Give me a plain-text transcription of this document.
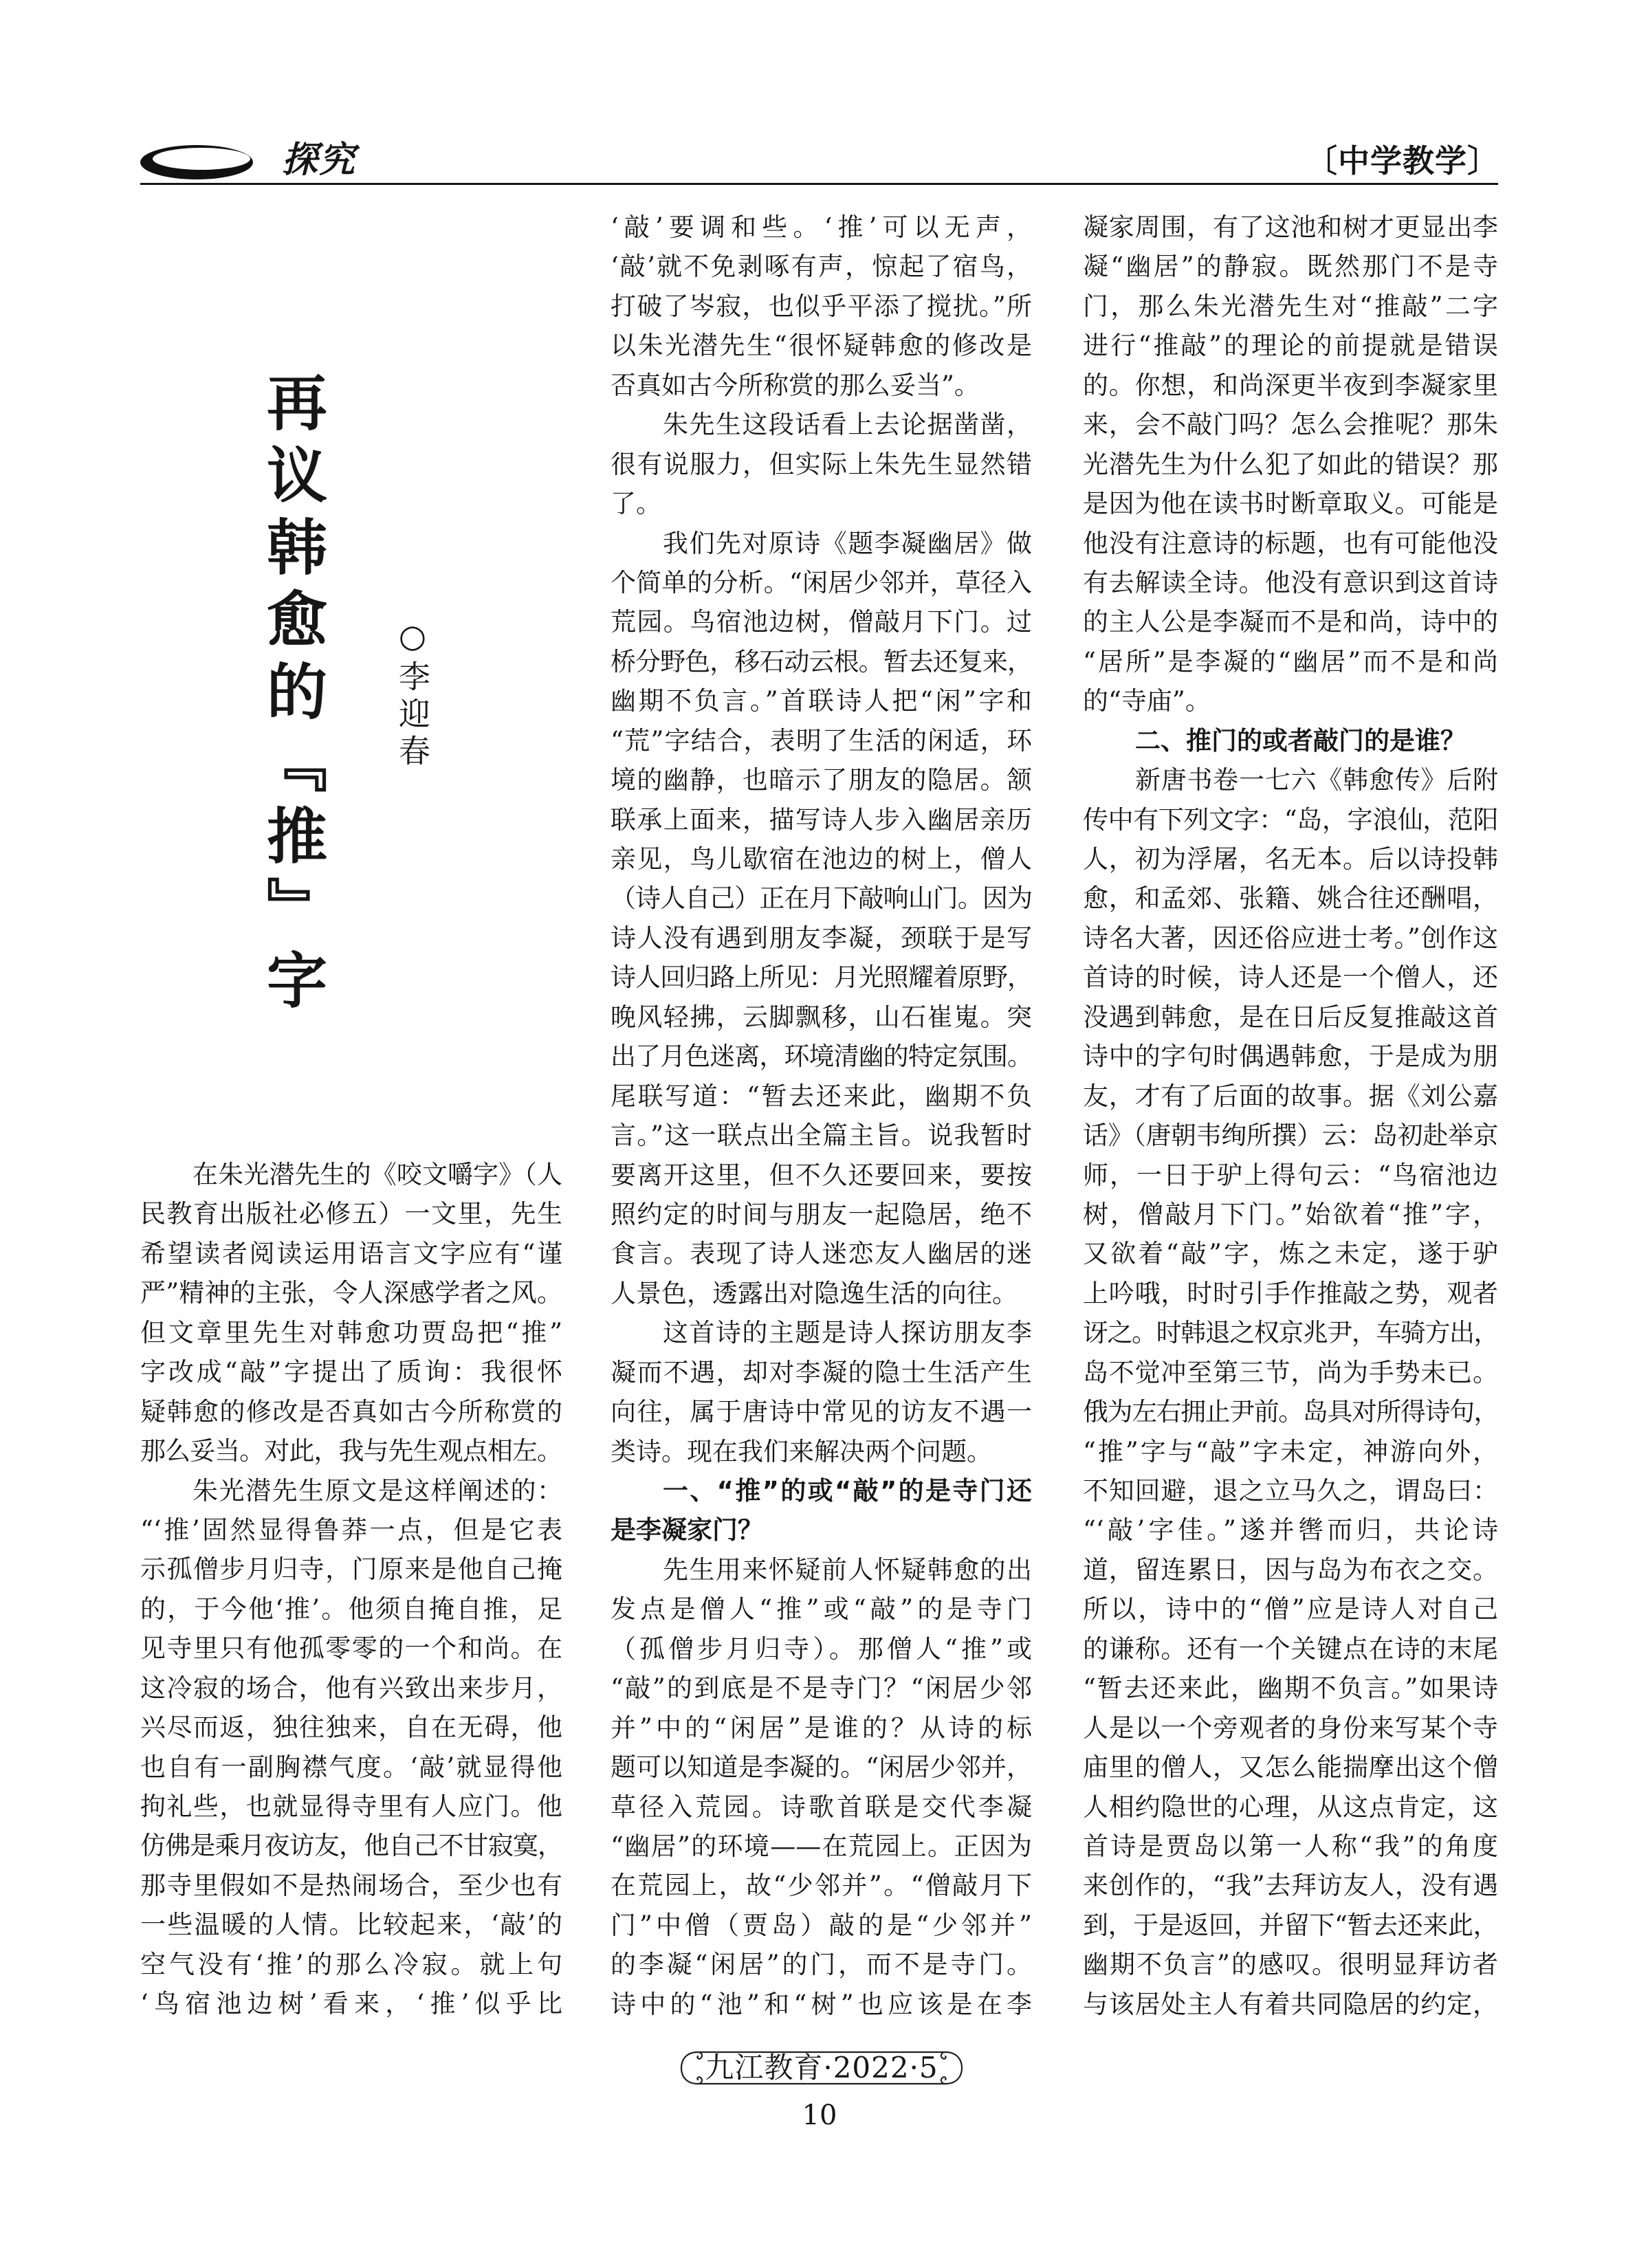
探究	〔中学教学〕
再议韩愈的『推』字 ○李迎春
在朱光潜先生的《咬文嚼字》（人
民教育出版社必修五）一文里，先生
希望读者阅读运用语言文字应有“谨
严”精神的主张，令人深感学者之风。
但文章里先生对韩愈功贾岛把“推”
字改成“敲”字提出了质询：我很怀
疑韩愈的修改是否真如古今所称赏的
那么妥当。对此，我与先生观点相左。
朱光潜先生原文是这样阐述的：
“‘推’固然显得鲁莽一点，但是它表
示孤僧步月归寺，门原来是他自己掩
的，于今他‘推’。他须自掩自推，足
见寺里只有他孤零零的一个和尚。在
这冷寂的场合，他有兴致出来步月，
兴尽而返，独往独来，自在无碍，他
也自有一副胸襟气度。‘敲’就显得他
拘礼些，也就显得寺里有人应门。他
仿佛是乘月夜访友，他自己不甘寂寞，
那寺里假如不是热闹场合，至少也有
一些温暖的人情。比较起来，‘敲’的
空气没有‘推’的那么冷寂。就上句
‘鸟宿池边树’看来，‘推’似乎比
‘敲’要调和些。‘推’可以无声，
‘敲’就不免剥啄有声，惊起了宿鸟，
打破了岑寂，也似乎平添了搅扰。”所
以朱光潜先生“很怀疑韩愈的修改是
否真如古今所称赏的那么妥当”。
朱先生这段话看上去论据凿凿，
很有说服力，但实际上朱先生显然错
了。
我们先对原诗《题李凝幽居》做
个简单的分析。“闲居少邻并，草径入
荒园。鸟宿池边树，僧敲月下门。过
桥分野色，移石动云根。暂去还复来，
幽期不负言。”首联诗人把“闲”字和
“荒”字结合，表明了生活的闲适，环
境的幽静，也暗示了朋友的隐居。颔
联承上面来，描写诗人步入幽居亲历
亲见，鸟儿歇宿在池边的树上，僧人
（诗人自己）正在月下敲响山门。因为
诗人没有遇到朋友李凝，颈联于是写
诗人回归路上所见：月光照耀着原野，
晚风轻拂，云脚飘移，山石崔嵬。突
出了月色迷离，环境清幽的特定氛围。
尾联写道：“暂去还来此，幽期不负
言。”这一联点出全篇主旨。说我暂时
要离开这里，但不久还要回来，要按
照约定的时间与朋友一起隐居，绝不
食言。表现了诗人迷恋友人幽居的迷
人景色，透露出对隐逸生活的向往。
这首诗的主题是诗人探访朋友李
凝而不遇，却对李凝的隐士生活产生
向往，属于唐诗中常见的访友不遇一
类诗。现在我们来解决两个问题。
一、“推”的或“敲”的是寺门还
是李凝家门？
先生用来怀疑前人怀疑韩愈的出
发点是僧人“推”或“敲”的是寺门
（孤僧步月归寺）。那僧人“推”或
“敲”的到底是不是寺门？“闲居少邻
并”中的“闲居”是谁的？从诗的标
题可以知道是李凝的。“闲居少邻并，
草径入荒园。诗歌首联是交代李凝
“幽居”的环境——在荒园上。正因为
在荒园上，故“少邻并”。“僧敲月下
门”中僧（贾岛）敲的是“少邻并”
的李凝“闲居”的门，而不是寺门。
诗中的“池”和“树”也应该是在李
凝家周围，有了这池和树才更显出李
凝“幽居”的静寂。既然那门不是寺
门，那么朱光潜先生对“推敲”二字
进行“推敲”的理论的前提就是错误
的。你想，和尚深更半夜到李凝家里
来，会不敲门吗？怎么会推呢？那朱
光潜先生为什么犯了如此的错误？那
是因为他在读书时断章取义。可能是
他没有注意诗的标题，也有可能他没
有去解读全诗。他没有意识到这首诗
的主人公是李凝而不是和尚，诗中的
“居所”是李凝的“幽居”而不是和尚
的“寺庙”。
二、推门的或者敲门的是谁？
新唐书卷一七六《韩愈传》后附
传中有下列文字：“岛，字浪仙，范阳
人，初为浮屠，名无本。后以诗投韩
愈，和孟郊、张籍、姚合往还酬唱，
诗名大著，因还俗应进士考。”创作这
首诗的时候，诗人还是一个僧人，还
没遇到韩愈，是在日后反复推敲这首
诗中的字句时偶遇韩愈，于是成为朋
友，才有了后面的故事。据《刘公嘉
话》（唐朝韦绚所撰）云：岛初赴举京
师，一日于驴上得句云：“鸟宿池边
树，僧敲月下门。”始欲着“推”字，
又欲着“敲”字，炼之未定，遂于驴
上吟哦，时时引手作推敲之势，观者
讶之。时韩退之权京兆尹，车骑方出，
岛不觉冲至第三节，尚为手势未已。
俄为左右拥止尹前。岛具对所得诗句，
“推”字与“敲”字未定，神游向外，
不知回避，退之立马久之，谓岛曰：
“‘敲’字佳。”遂并辔而归，共论诗
道，留连累日，因与岛为布衣之交。
所以，诗中的“僧”应是诗人对自己
的谦称。还有一个关键点在诗的末尾
“暂去还来此，幽期不负言。”如果诗
人是以一个旁观者的身份来写某个寺
庙里的僧人，又怎么能揣摩出这个僧
人相约隐世的心理，从这点肯定，这
首诗是贾岛以第一人称“我”的角度
来创作的，“我”去拜访友人，没有遇
到，于是返回，并留下“暂去还来此，
幽期不负言”的感叹。很明显拜访者
与该居处主人有着共同隐居的约定，
九江教育·2022·5
10
